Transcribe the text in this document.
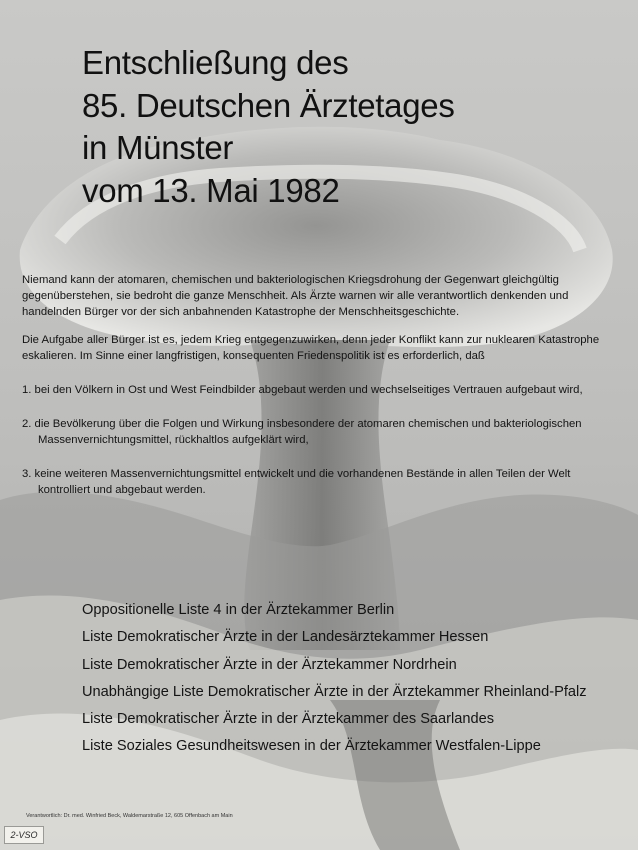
Entschließung des
85. Deutschen Ärztetages
in Münster
vom 13. Mai 1982

Niemand kann der atomaren, chemischen und bakteriologischen Kriegsdrohung der Gegenwart gleichgültig gegenüberstehen, sie bedroht die ganze Menschheit. Als Ärzte warnen wir alle verantwortlich denkenden und handelnden Bürger vor der sich anbahnenden Katastrophe der Menschheitsgeschichte.

Die Aufgabe aller Bürger ist es, jedem Krieg entgegenzuwirken, denn jeder Konflikt kann zur nuklearen Katastrophe eskalieren. Im Sinne einer langfristigen, konsequenten Friedenspolitik ist es erforderlich, daß

1. bei den Völkern in Ost und West Feindbilder abgebaut werden und wechselseitiges Vertrauen aufgebaut wird,
2. die Bevölkerung über die Folgen und Wirkung insbesondere der atomaren chemischen und bakteriologischen Massenvernichtungsmittel, rückhaltlos aufgeklärt wird,
3. keine weiteren Massenvernichtungsmittel entwickelt und die vorhandenen Bestände in allen Teilen der Welt kontrolliert und abgebaut werden.
Oppositionelle Liste 4 in der Ärztekammer Berlin
Liste Demokratischer Ärzte in der Landesärztekammer Hessen
Liste Demokratischer Ärzte in der Ärztekammer Nordrhein
Unabhängige Liste Demokratischer Ärzte in der Ärztekammer Rheinland-Pfalz
Liste Demokratischer Ärzte in der Ärztekammer des Saarlandes
Liste Soziales Gesundheitswesen in der Ärztekammer Westfalen-Lippe
Verantwortlich: Dr. med. Winfried Beck, Waldemarstraße 12, 605 Offenbach am Main
2-VSO
